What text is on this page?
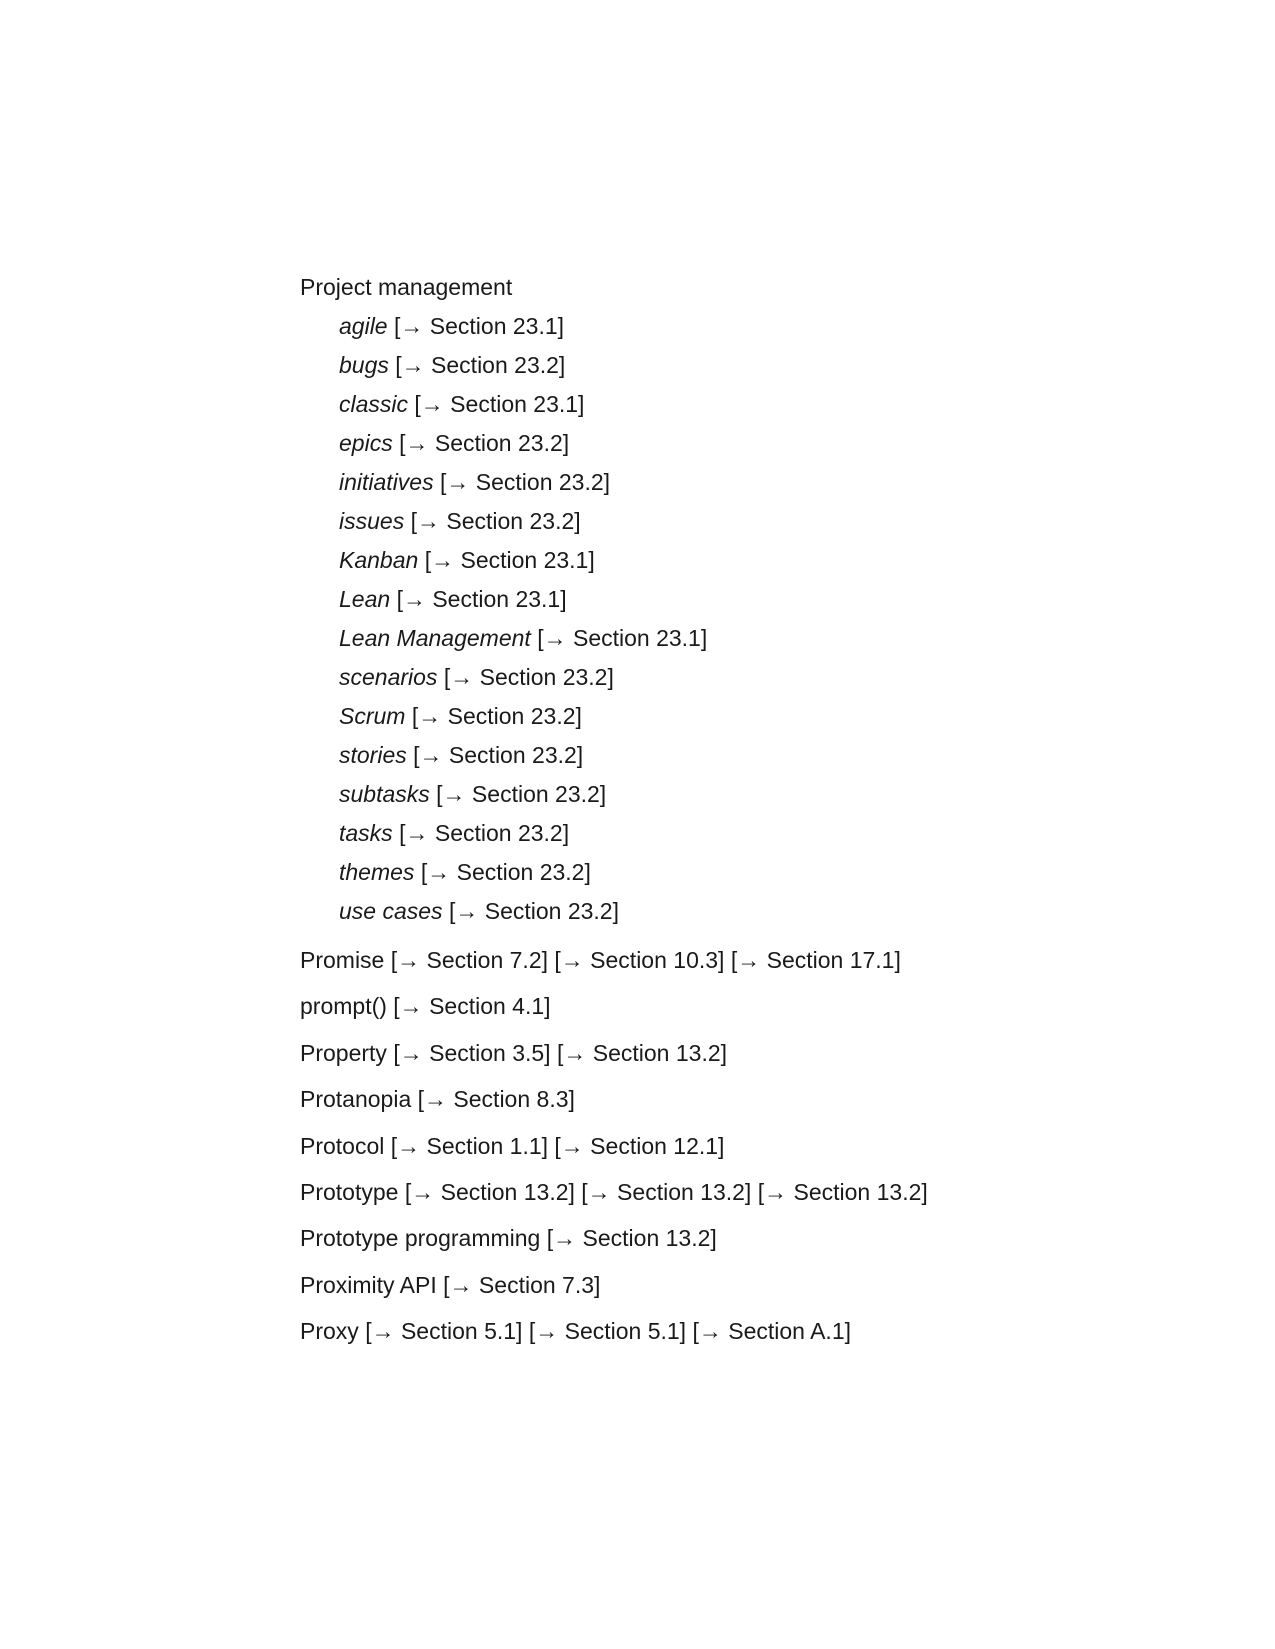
Project management
agile [→ Section 23.1]
bugs [→ Section 23.2]
classic [→ Section 23.1]
epics [→ Section 23.2]
initiatives [→ Section 23.2]
issues [→ Section 23.2]
Kanban [→ Section 23.1]
Lean [→ Section 23.1]
Lean Management [→ Section 23.1]
scenarios [→ Section 23.2]
Scrum [→ Section 23.2]
stories [→ Section 23.2]
subtasks [→ Section 23.2]
tasks [→ Section 23.2]
themes [→ Section 23.2]
use cases [→ Section 23.2]
Promise [→ Section 7.2] [→ Section 10.3] [→ Section 17.1]
prompt() [→ Section 4.1]
Property [→ Section 3.5] [→ Section 13.2]
Protanopia [→ Section 8.3]
Protocol [→ Section 1.1] [→ Section 12.1]
Prototype [→ Section 13.2] [→ Section 13.2] [→ Section 13.2]
Prototype programming [→ Section 13.2]
Proximity API [→ Section 7.3]
Proxy [→ Section 5.1] [→ Section 5.1] [→ Section A.1]
